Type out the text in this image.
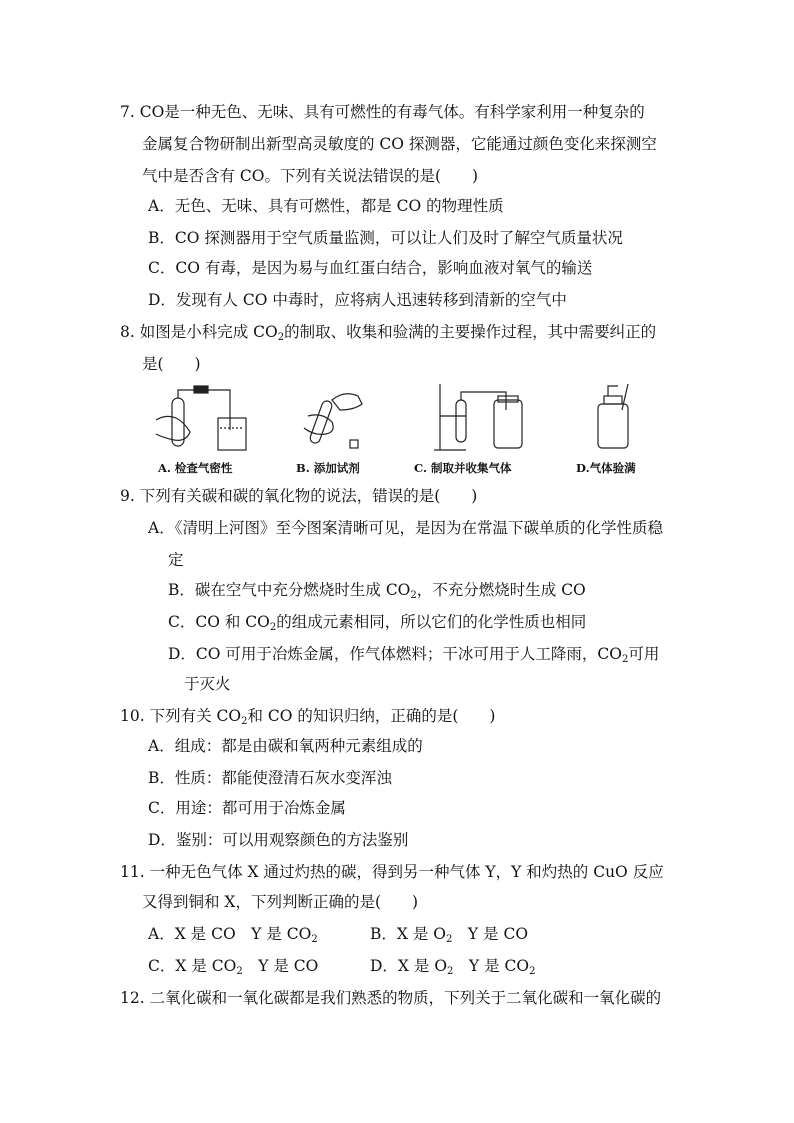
7. CO是一种无色、无味、具有可燃性的有毒气体。有科学家利用一种复杂的
金属复合物研制出新型高灵敏度的 CO 探测器，它能通过颜色变化来探测空
气中是否含有 CO。下列有关说法错误的是(　　)
A．无色、无味、具有可燃性，都是 CO 的物理性质
B．CO 探测器用于空气质量监测，可以让人们及时了解空气质量状况
C．CO 有毒，是因为易与血红蛋白结合，影响血液对氧气的输送
D．发现有人 CO 中毒时，应将病人迅速转移到清新的空气中
8. 如图是小科完成 $CO_2$的制取、收集和验满的主要操作过程，其中需要纠正的
是(　　)
A. 检查气密性	B. 添加试剂	C. 制取并收集气体	D.气体验满
9. 下列有关碳和碳的氧化物的说法，错误的是(　　)
A．《清明上河图》至今图案清晰可见，是因为在常温下碳单质的化学性质稳
定
B．碳在空气中充分燃烧时生成 $CO_2$，不充分燃烧时生成 CO
C．CO 和 $CO_2$的组成元素相同，所以它们的化学性质也相同
D．CO 可用于冶炼金属，作气体燃料；干冰可用于人工降雨，$CO_2$可用
于灭火
10. 下列有关 $CO_2$和 CO 的知识归纳，正确的是(　　)
A．组成：都是由碳和氧两种元素组成的
B．性质：都能使澄清石灰水变浑浊
C．用途：都可用于冶炼金属
D．鉴别：可以用观察颜色的方法鉴别
11. 一种无色气体 X 通过灼热的碳，得到另一种气体 Y，Y 和灼热的 CuO 反应
又得到铜和 X，下列判断正确的是(　　)
A．X 是 CO　Y 是 $CO_2$	B．X 是 $O_2$　Y 是 CO
C．X 是 $CO_2$　Y 是 CO	D．X 是 $O_2$　Y 是 $CO_2$
12. 二氧化碳和一氧化碳都是我们熟悉的物质，下列关于二氧化碳和一氧化碳的
